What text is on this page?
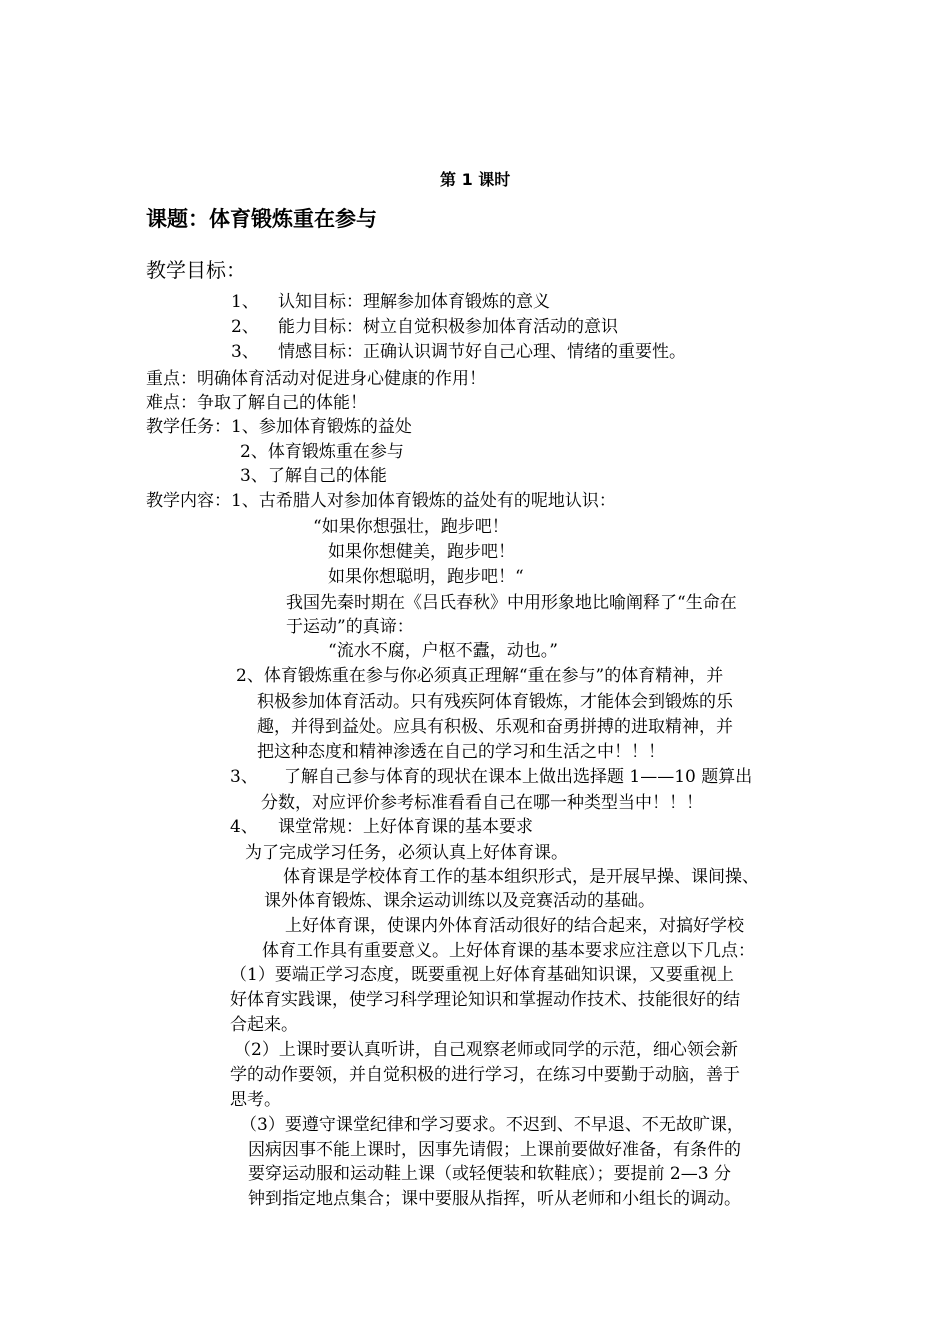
第 1 课时
课题：体育锻炼重在参与
教学目标：
1、 认知目标：理解参加体育锻炼的意义
2、 能力目标：树立自觉积极参加体育活动的意识
3、 情感目标：正确认识调节好自己心理、情绪的重要性。
重点：明确体育活动对促进身心健康的作用！
难点：争取了解自己的体能！
教学任务：1、参加体育锻炼的益处
2、体育锻炼重在参与
3、了解自己的体能
教学内容：1、古希腊人对参加体育锻炼的益处有的呢地认识：
“如果你想强壮，跑步吧！
如果你想健美，跑步吧！
如果你想聪明，跑步吧！“
我国先秦时期在《吕氏春秋》中用形象地比喻阐释了“生命在
于运动”的真谛：
“流水不腐，户枢不蠹，动也。”
2、体育锻炼重在参与你必须真正理解“重在参与”的体育精神，并
积极参加体育活动。只有残疾阿体育锻炼，才能体会到锻炼的乐
趣，并得到益处。应具有积极、乐观和奋勇拼搏的进取精神，并
把这种态度和精神渗透在自己的学习和生活之中！！！
3、 了解自己参与体育的现状在课本上做出选择题 1——10 题算出
分数，对应评价参考标准看看自己在哪一种类型当中！！！
4、 课堂常规：上好体育课的基本要求
为了完成学习任务，必须认真上好体育课。
体育课是学校体育工作的基本组织形式，是开展早操、课间操、
课外体育锻炼、课余运动训练以及竞赛活动的基础。
上好体育课，使课内外体育活动很好的结合起来，对搞好学校
体育工作具有重要意义。上好体育课的基本要求应注意以下几点：
（1）要端正学习态度，既要重视上好体育基础知识课，又要重视上
好体育实践课，使学习科学理论知识和掌握动作技术、技能很好的结
合起来。
（2）上课时要认真听讲，自己观察老师或同学的示范，细心领会新
学的动作要领，并自觉积极的进行学习，在练习中要勤于动脑，善于
思考。
（3）要遵守课堂纪律和学习要求。不迟到、不早退、不无故旷课，
因病因事不能上课时，因事先请假；上课前要做好准备，有条件的
要穿运动服和运动鞋上课（或轻便装和软鞋底）；要提前 2—3 分
钟到指定地点集合；课中要服从指挥，听从老师和小组长的调动。
